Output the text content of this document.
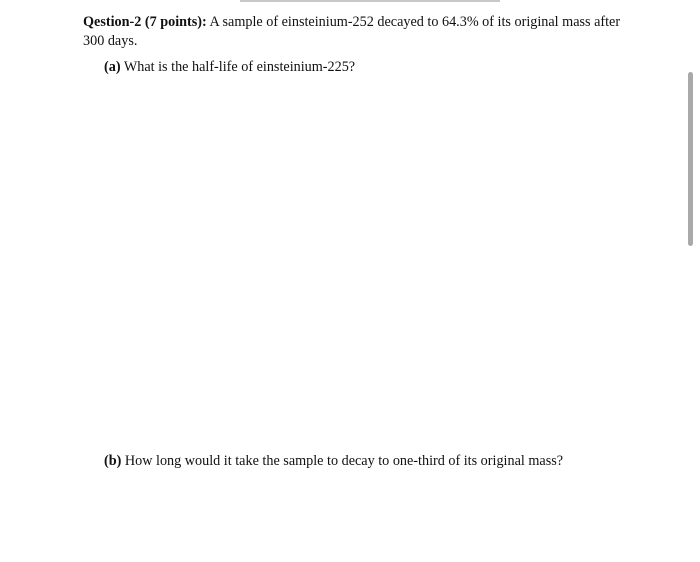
Qestion-2 (7 points): A sample of einsteinium-252 decayed to 64.3% of its original mass after 300 days.

(a) What is the half-life of einsteinium-225?

(b) How long would it take the sample to decay to one-third of its original mass?
